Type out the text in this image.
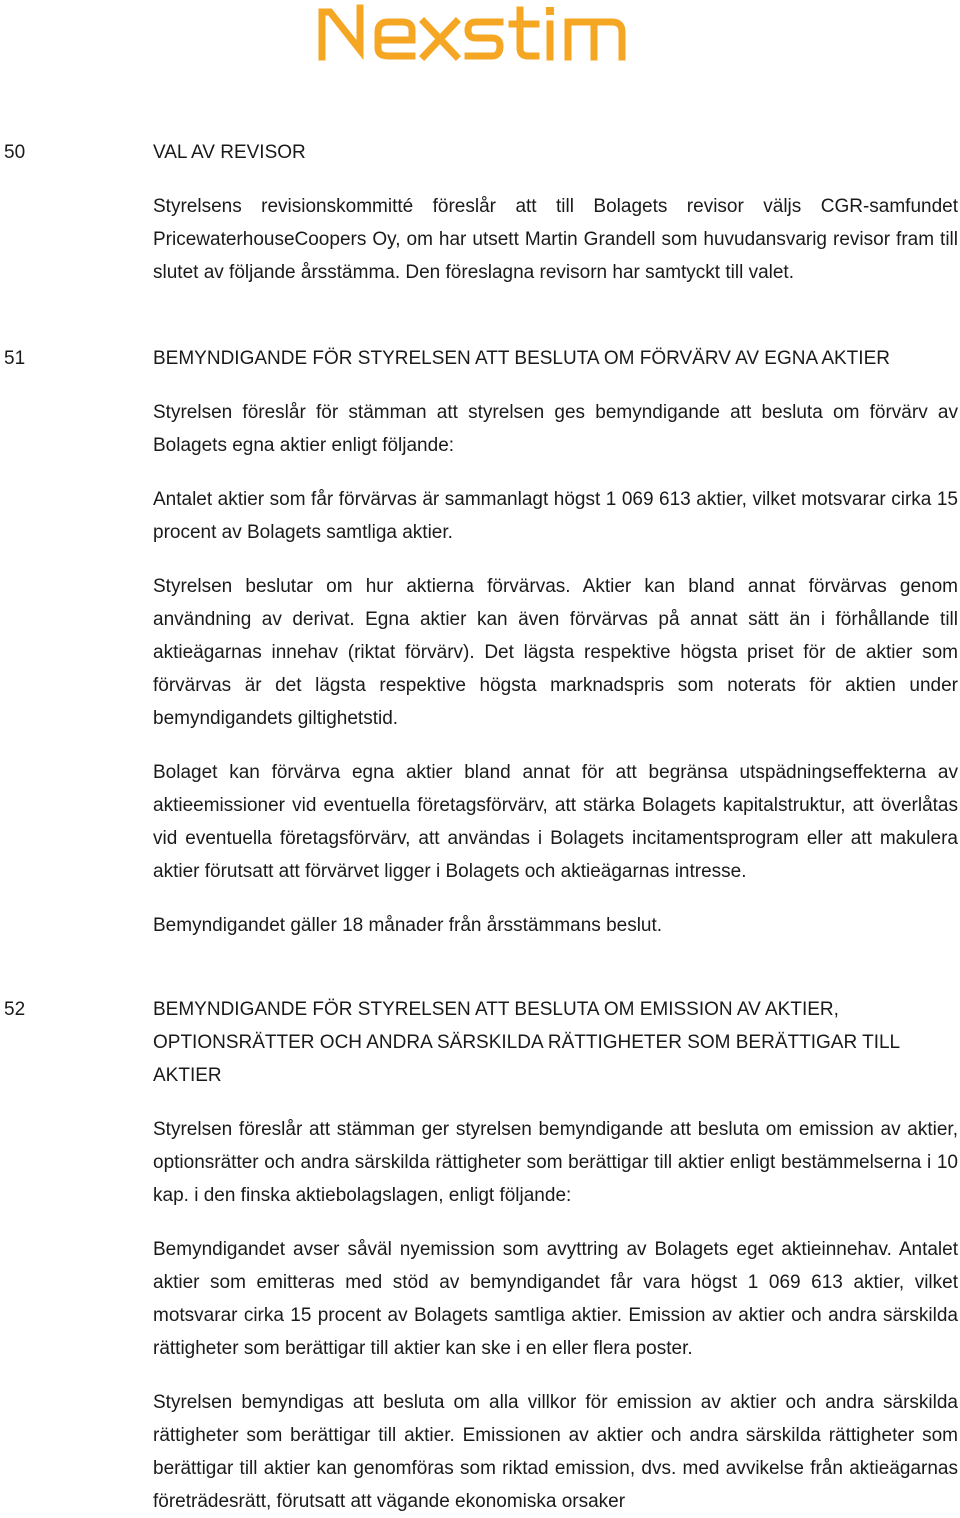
50	VAL AV REVISOR

Styrelsens revisionskommitté föreslår att till Bolagets revisor väljs CGR-samfundet PricewaterhouseCoopers Oy, om har utsett Martin Grandell som huvudansvarig revisor fram till slutet av följande årsstämma. Den föreslagna revisorn har samtyckt till valet.

51	BEMYNDIGANDE FÖR STYRELSEN ATT BESLUTA OM FÖRVÄRV AV EGNA AKTIER

Styrelsen föreslår för stämman att styrelsen ges bemyndigande att besluta om förvärv av Bolagets egna aktier enligt följande:

Antalet aktier som får förvärvas är sammanlagt högst 1 069 613 aktier, vilket motsvarar cirka 15 procent av Bolagets samtliga aktier.

Styrelsen beslutar om hur aktierna förvärvas. Aktier kan bland annat förvärvas genom användning av derivat. Egna aktier kan även förvärvas på annat sätt än i förhållande till aktieägarnas innehav (riktat förvärv). Det lägsta respektive högsta priset för de aktier som förvärvas är det lägsta respektive högsta marknadspris som noterats för aktien under bemyndigandets giltighetstid.

Bolaget kan förvärva egna aktier bland annat för att begränsa utspädningseffekterna av aktieemissioner vid eventuella företagsförvärv, att stärka Bolagets kapitalstruktur, att överlåtas vid eventuella företagsförvärv, att användas i Bolagets incitamentsprogram eller att makulera aktier förutsatt att förvärvet ligger i Bolagets och aktieägarnas intresse.

Bemyndigandet gäller 18 månader från årsstämmans beslut.

52	BEMYNDIGANDE FÖR STYRELSEN ATT BESLUTA OM EMISSION AV AKTIER, OPTIONSRÄTTER OCH ANDRA SÄRSKILDA RÄTTIGHETER SOM BERÄTTIGAR TILL AKTIER

Styrelsen föreslår att stämman ger styrelsen bemyndigande att besluta om emission av aktier, optionsrätter och andra särskilda rättigheter som berättigar till aktier enligt bestämmelserna i 10 kap. i den finska aktiebolagslagen, enligt följande:

Bemyndigandet avser såväl nyemission som avyttring av Bolagets eget aktieinnehav. Antalet aktier som emitteras med stöd av bemyndigandet får vara högst 1 069 613 aktier, vilket motsvarar cirka 15 procent av Bolagets samtliga aktier. Emission av aktier och andra särskilda rättigheter som berättigar till aktier kan ske i en eller flera poster.

Styrelsen bemyndigas att besluta om alla villkor för emission av aktier och andra särskilda rättigheter som berättigar till aktier. Emissionen av aktier och andra särskilda rättigheter som berättigar till aktier kan genomföras som riktad emission, dvs. med avvikelse från aktieägarnas företrädesrätt, förutsatt att vägande ekonomiska orsaker
